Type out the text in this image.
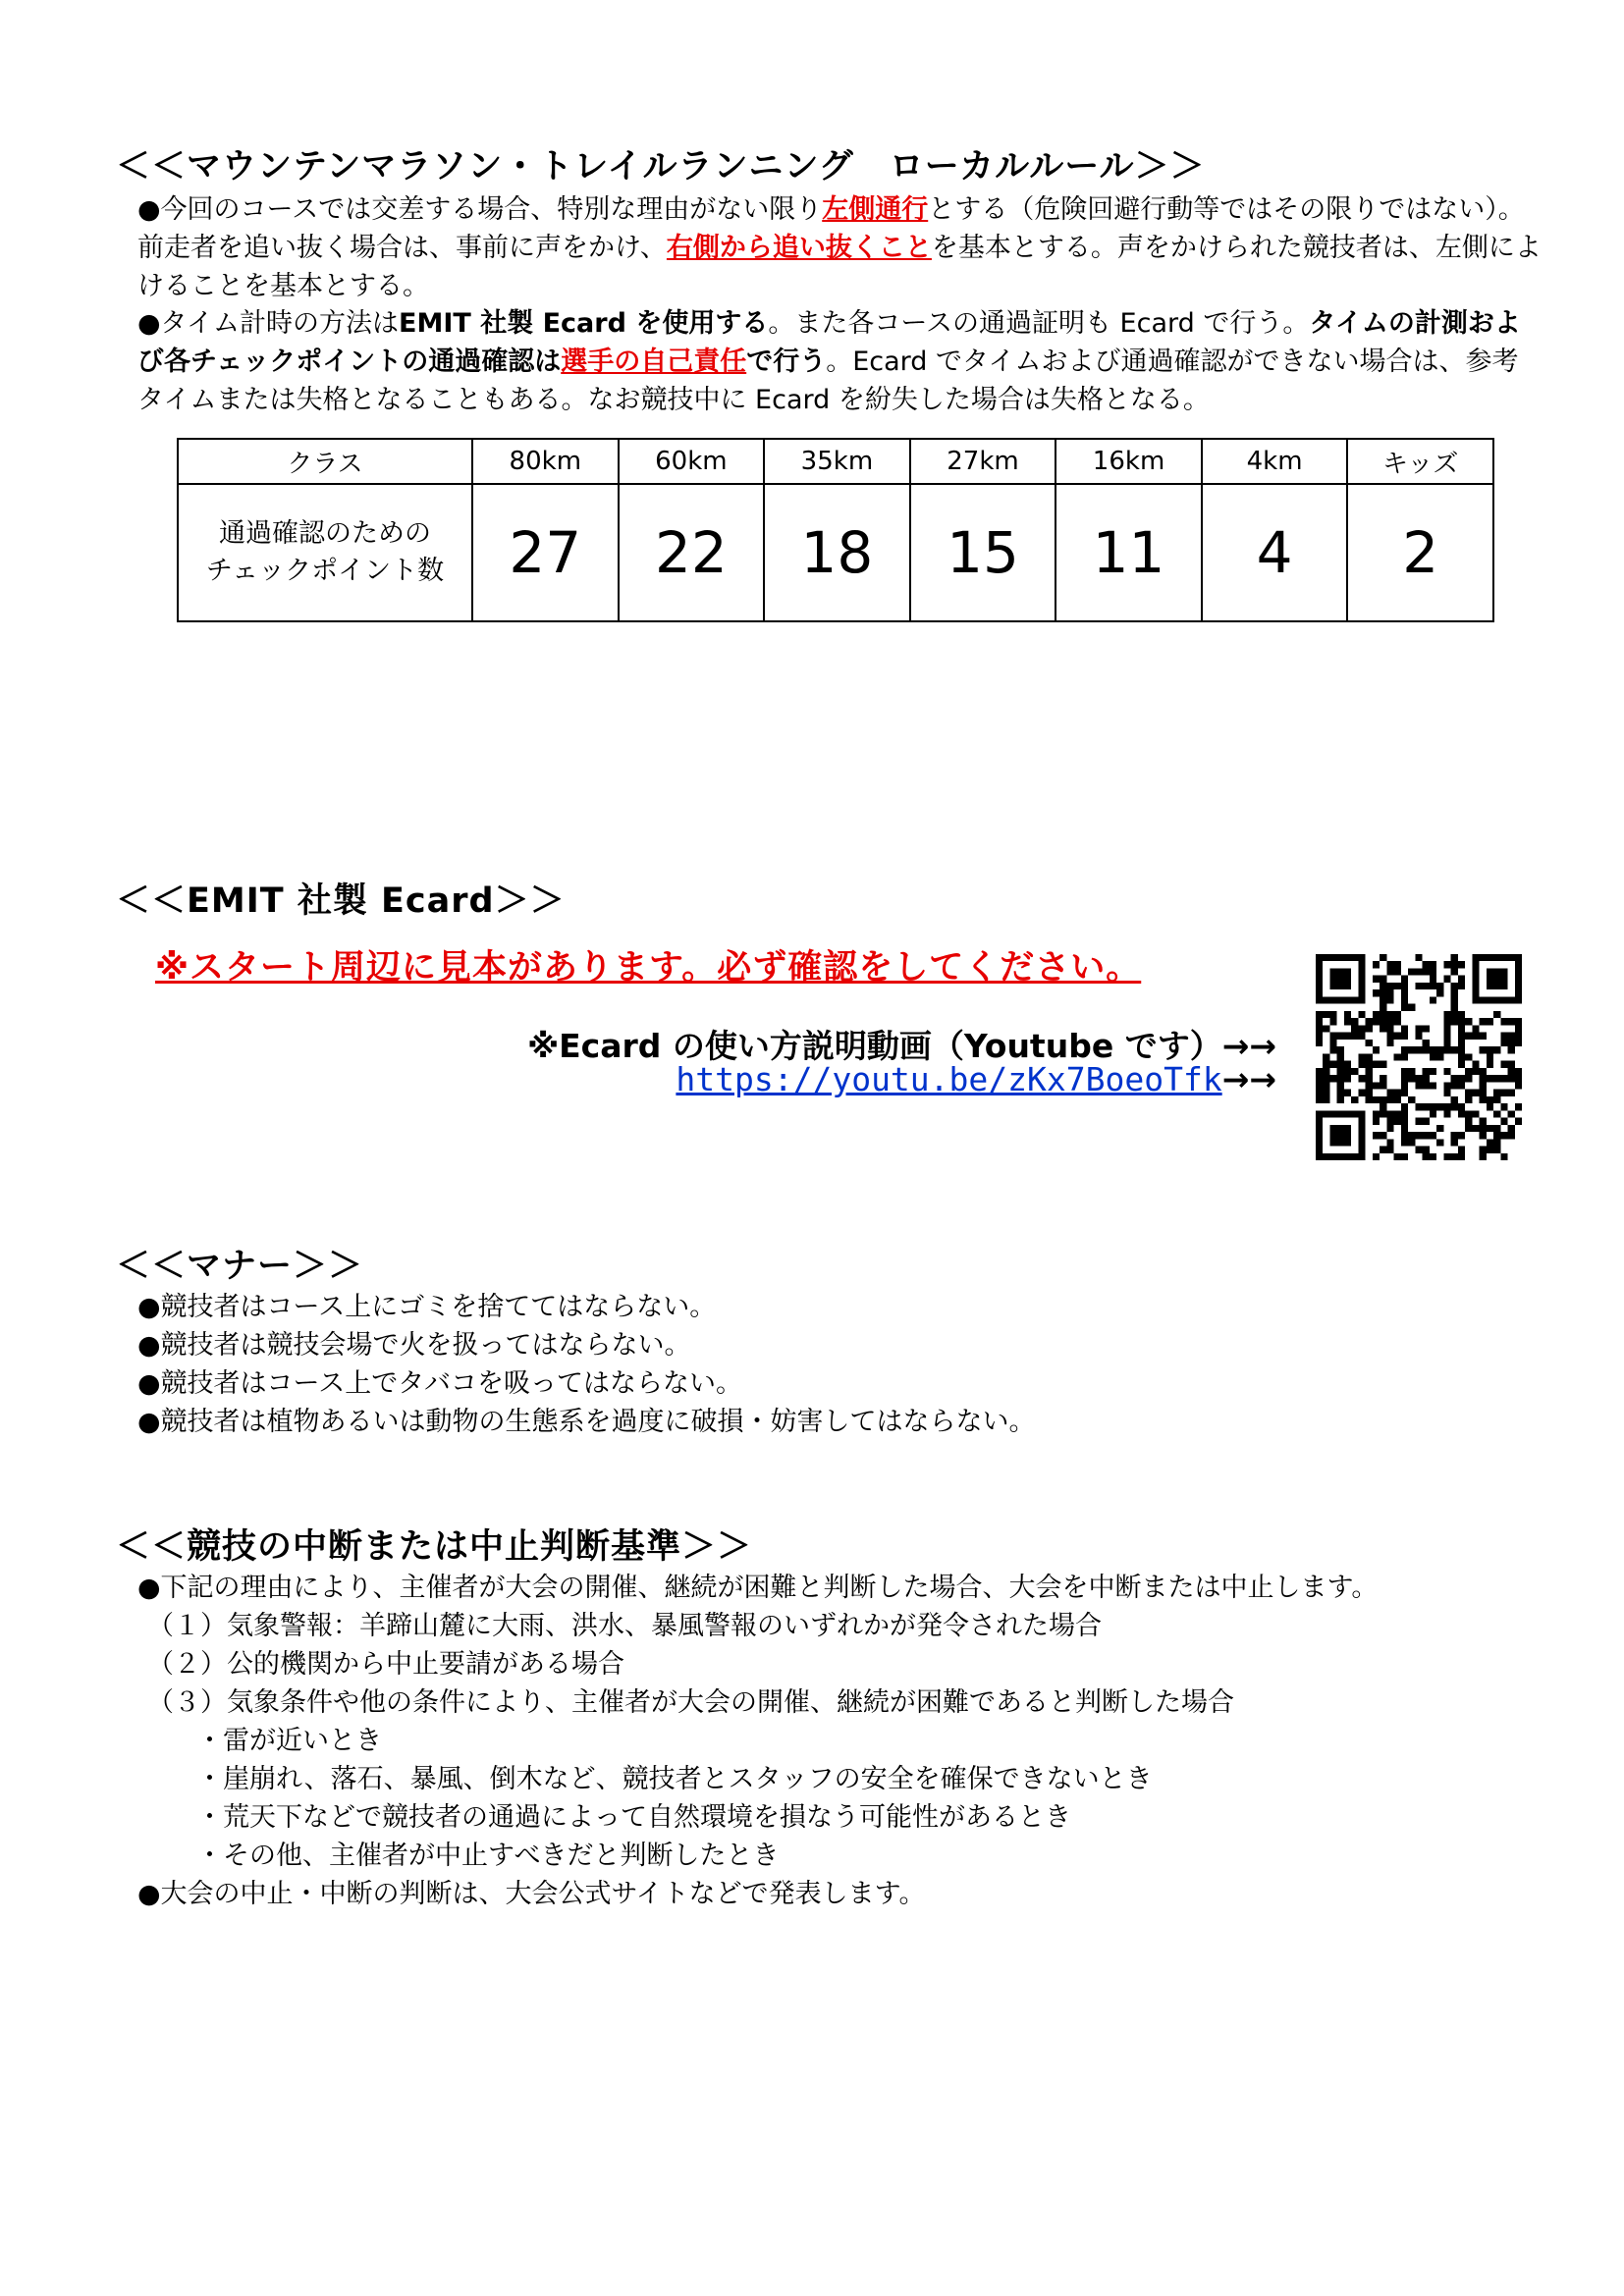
＜＜マウンテンマラソン・トレイルランニング　ローカルルール＞＞

●今回のコースでは交差する場合、特別な理由がない限り左側通行とする（危険回避行動等ではその限りではない）。前走者を追い抜く場合は、事前に声をかけ、右側から追い抜くことを基本とする。声をかけられた競技者は、左側によけることを基本とする。

●タイム計時の方法はEMIT 社製 Ecard を使用する。また各コースの通過証明も Ecard で行う。タイムの計測および各チェックポイントの通過確認は選手の自己責任で行う。Ecard でタイムおよび通過確認ができない場合は、参考タイムまたは失格となることもある。なお競技中に Ecard を紛失した場合は失格となる。

クラス	80km	60km	35km	27km	16km	4km	キッズ
通過確認のための
チェックポイント数	27	22	18	15	11	4	2
＜＜EMIT 社製 Ecard＞＞

※スタート周辺に見本があります。必ず確認をしてください。

※Ecard の使い方説明動画（Youtube です）→→

https://youtu.be/zKx7BoeoTfk→→

＜＜マナー＞＞

●競技者はコース上にゴミを捨ててはならない。

●競技者は競技会場で火を扱ってはならない。

●競技者はコース上でタバコを吸ってはならない。

●競技者は植物あるいは動物の生態系を過度に破損・妨害してはならない。

＜＜競技の中断または中止判断基準＞＞

●下記の理由により、主催者が大会の開催、継続が困難と判断した場合、大会を中断または中止します。

（１）気象警報：羊蹄山麓に大雨、洪水、暴風警報のいずれかが発令された場合

（２）公的機関から中止要請がある場合

（３）気象条件や他の条件により、主催者が大会の開催、継続が困難であると判断した場合

・雷が近いとき

・崖崩れ、落石、暴風、倒木など、競技者とスタッフの安全を確保できないとき

・荒天下などで競技者の通過によって自然環境を損なう可能性があるとき

・その他、主催者が中止すべきだと判断したとき

●大会の中止・中断の判断は、大会公式サイトなどで発表します。
